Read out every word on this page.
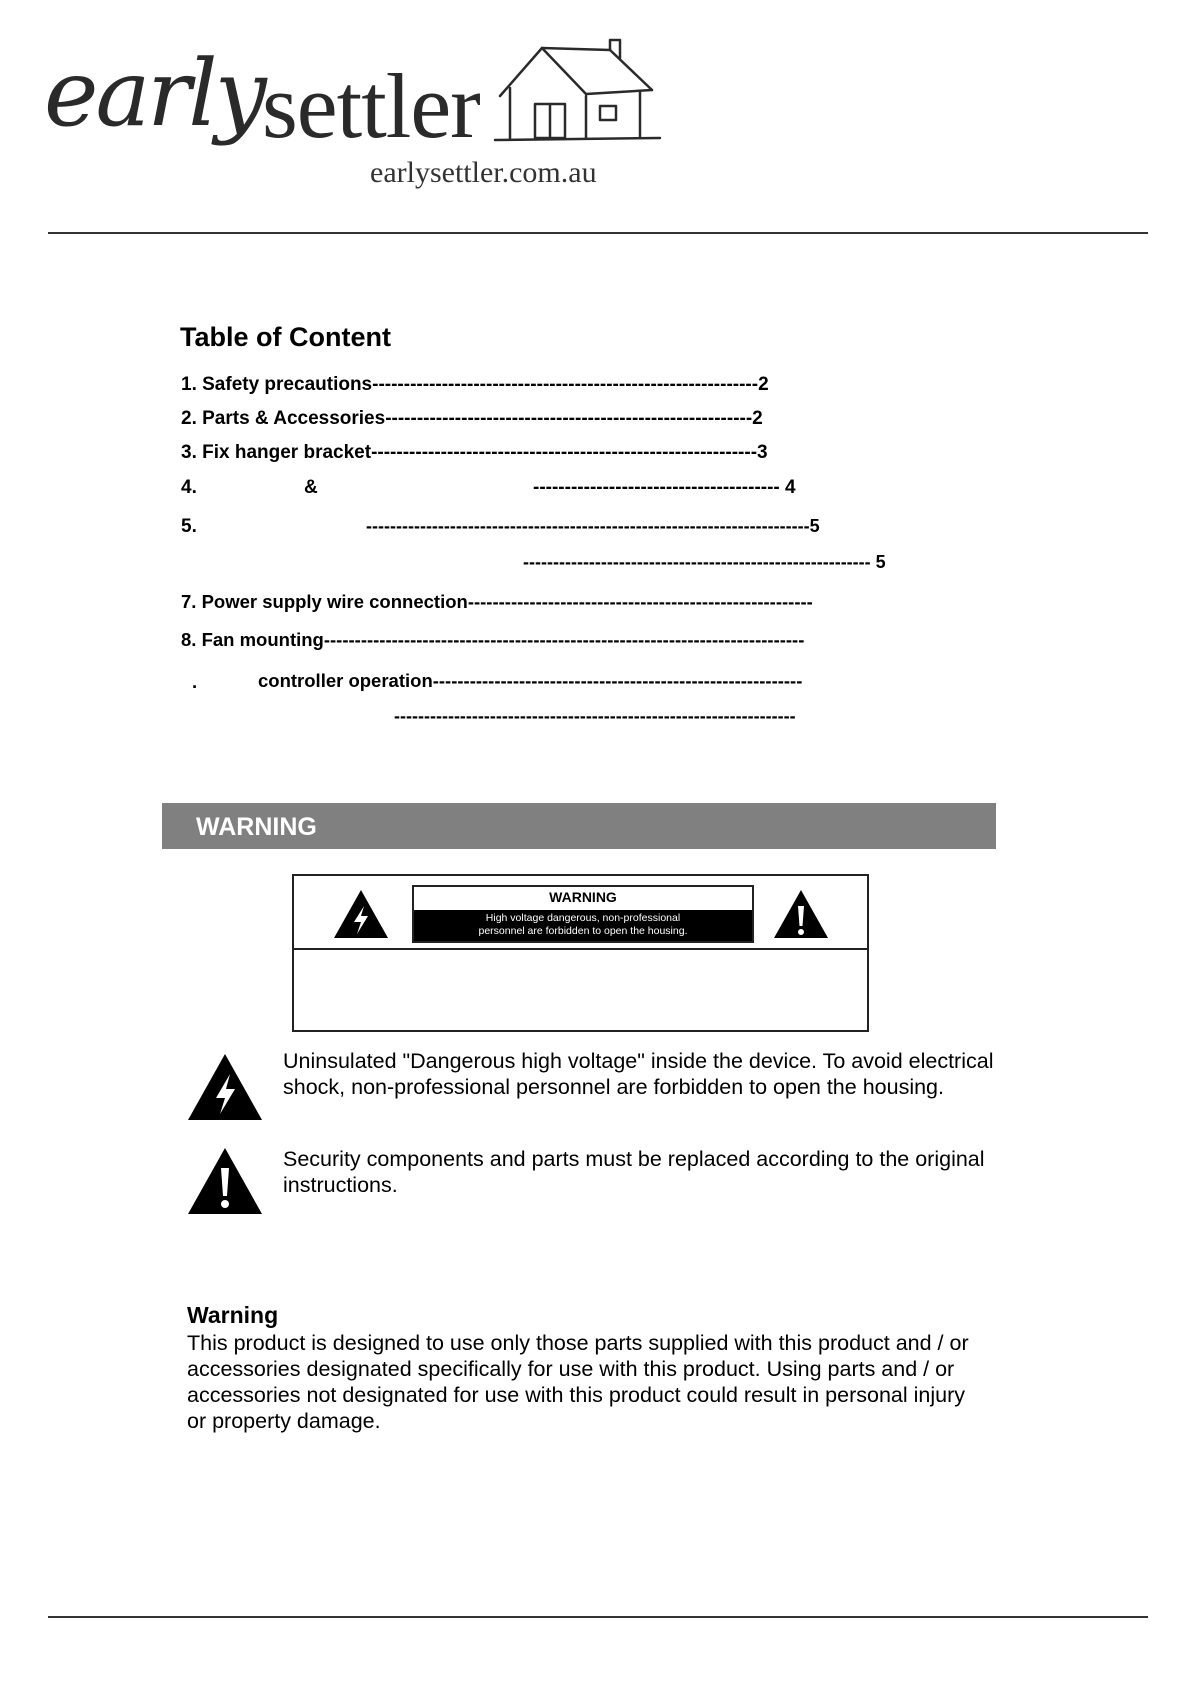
early
settler
earlysettler.com.au
Table of Content
1. Safety precautions-------------------------------------------------------------2
2. Parts & Accessories----------------------------------------------------------2
3. Fix hanger bracket-------------------------------------------------------------3
4.	&	--------------------------------------- 4
5.	--------------------------------------------------------------------------5
---------------------------------------------------------- 5
7. Power supply wire connection--------------------------------------------------------
8. Fan mounting------------------------------------------------------------------------------
.	controller operation------------------------------------------------------------
-------------------------------------------------------------------
WARNING
WARNING
High voltage dangerous, non-professional
personnel are forbidden to open the housing.
Uninsulated "Dangerous high voltage" inside the device. To avoid electrical shock, non-professional personnel are forbidden to open the housing.
Security components and parts must be replaced according to the original instructions.
Warning
This product is designed to use only those parts supplied with this product and / or accessories designated specifically for use with this product. Using parts and / or accessories not designated for use with this product could result in personal injury or property damage.
